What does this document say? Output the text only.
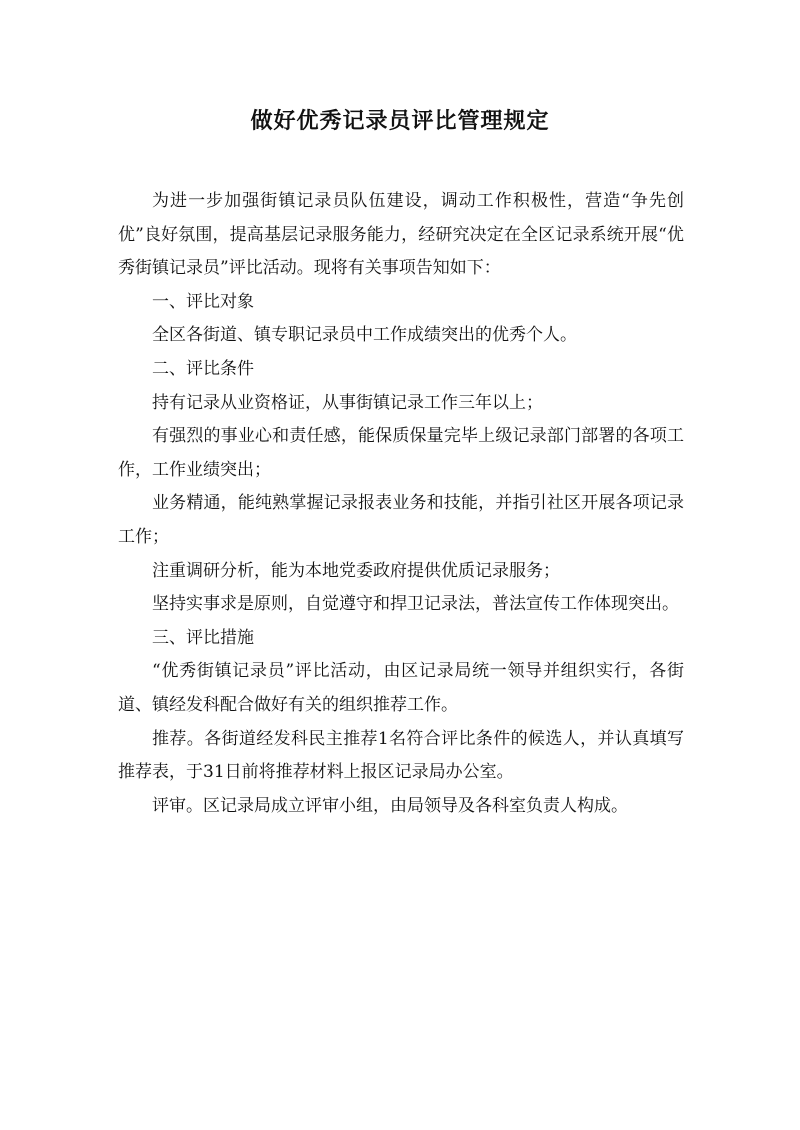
做好优秀记录员评比管理规定

为进一步加强街镇记录员队伍建设，调动工作积极性，营造“争先创优”良好氛围，提高基层记录服务能力，经研究决定在全区记录系统开展“优秀街镇记录员”评比活动。现将有关事项告知如下：

一、评比对象

全区各街道、镇专职记录员中工作成绩突出的优秀个人。

二、评比条件

持有记录从业资格证，从事街镇记录工作三年以上；

有强烈的事业心和责任感，能保质保量完毕上级记录部门部署的各项工作，工作业绩突出；

业务精通，能纯熟掌握记录报表业务和技能，并指引社区开展各项记录工作；

注重调研分析，能为本地党委政府提供优质记录服务；

坚持实事求是原则，自觉遵守和捍卫记录法，普法宣传工作体现突出。

三、评比措施

“优秀街镇记录员”评比活动，由区记录局统一领导并组织实行，各街道、镇经发科配合做好有关的组织推荐工作。

推荐。各街道经发科民主推荐1名符合评比条件的候选人，并认真填写推荐表，于31日前将推荐材料上报区记录局办公室。

评审。区记录局成立评审小组，由局领导及各科室负责人构成。
